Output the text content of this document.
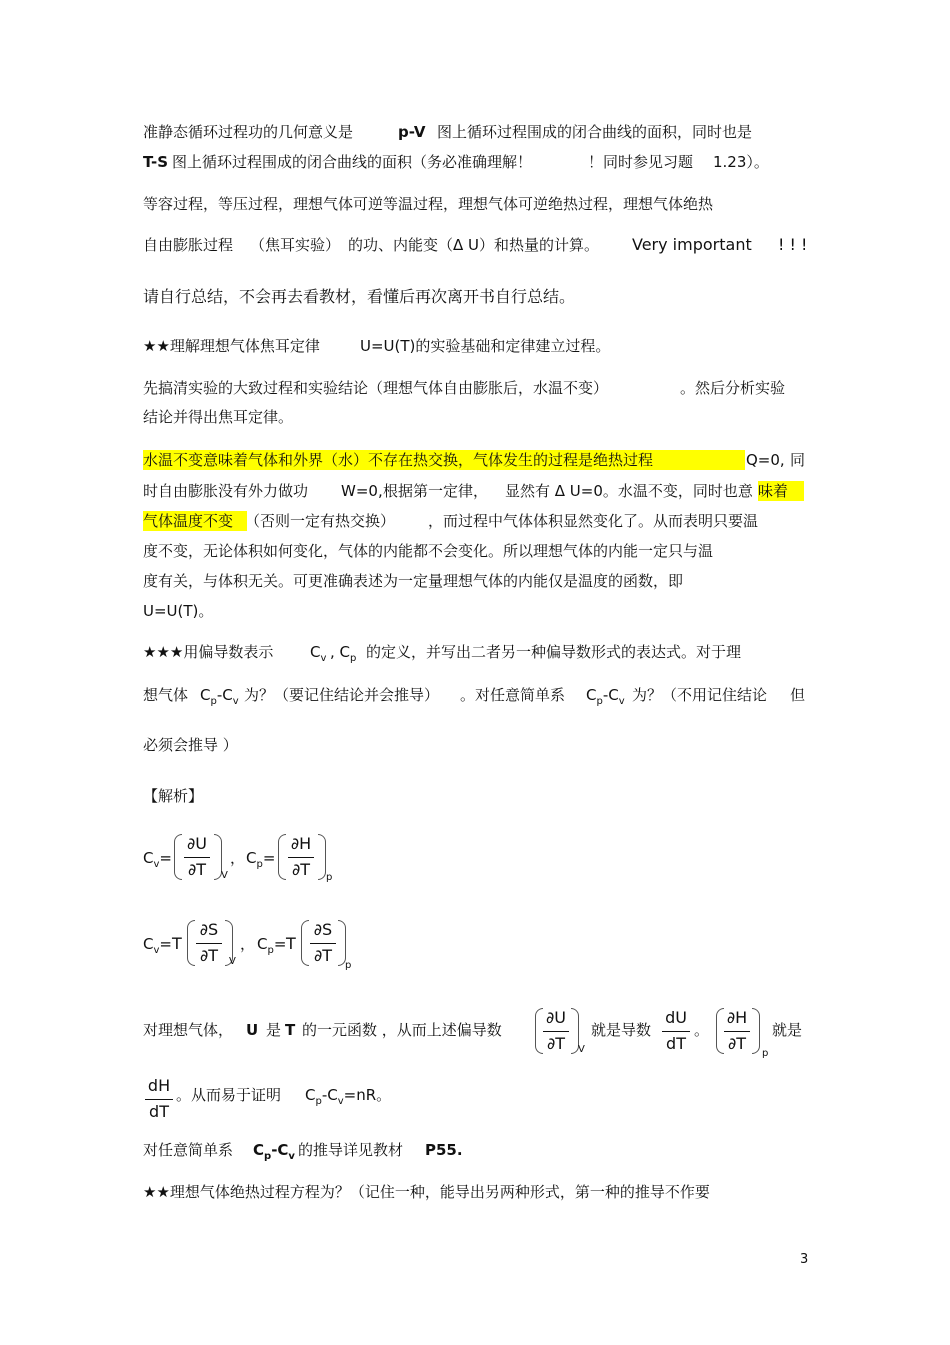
准静态循环过程功的几何意义是	p-V 图上循环过程围成的闭合曲线的面积，同时也是
T-S 图上循环过程围成的闭合曲线的面积（务必准确理解！	！同时参见习题 1.23）。
等容过程，等压过程，理想气体可逆等温过程，理想气体可逆绝热过程，理想气体绝热
自由膨胀过程 （焦耳实验） 的功、内能变（Δ U）和热量的计算。 Very important ! ! !
请自行总结，不会再去看教材，看懂后再次离开书自行总结。
★★理解理想气体焦耳定律	U=U(T)的实验基础和定律建立过程。
先搞清实验的大致过程和实验结论（理想气体自由膨胀后，水温不变）	。然后分析实验
结论并得出焦耳定律。
水温不变意味着气体和外界（水）不存在热交换，气体发生的过程是绝热过程	Q=0, 同
时自由膨胀没有外力做功 W=0, 根据第一定律， 显然有 Δ U=0。水温不变，同时也意 味着
气体温度不变 （否则一定有热交换） ，而过程中气体体积显然变化了。从而表明只要温
度不变，无论体积如何变化，气体的内能都不会变化。所以理想气体的内能一定只与温
度有关，与体积无关。可更准确表述为一定量理想气体的内能仅是温度的函数，即
U=U(T)。
★★★用偏导数表示 $C_v$ , $C_p$ 的定义，并写出二者另一种偏导数形式的表达式。对于理
想气体 $C_p-C_v$ 为？（要记住结论并会推导） 。对任意简单系 $C_p-C_v$ 为？（不用记住结论 但
必须会推导 ）
【解析】
$C_v=$
∂U
∂T V
， $C_p=$
∂H
∂T p
$C_v= T$
∂S
∂T V
， $C_p= T$
∂S
∂T
p
对理想气体， U 是 T 的一元函数 ，从而上述偏导数
∂U
∂T V
就是导数
dU
dT
。
∂H
∂T
p
就是
dH
dT
。从而易于证明 $C_p-C_v=nR$。
对任意简单系 $C_p-C_v$ 的推导详见教材 P55.
★★理想气体绝热过程方程为？（记住一种，能导出另两种形式，第一种的推导不作要
3
